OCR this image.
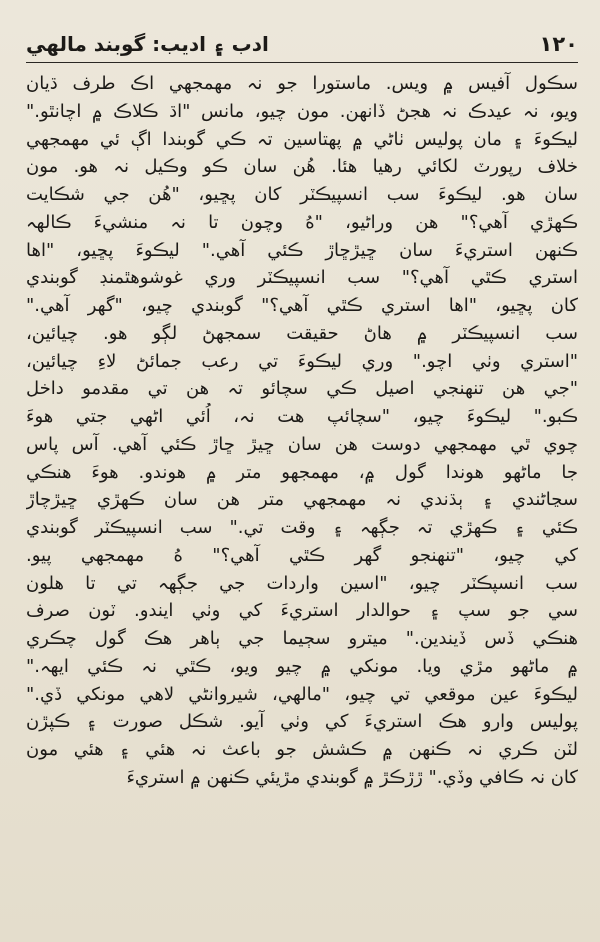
١٢٠
ادب ۽ اديب: گوبند مالهي
سڪول آفيس ۾ ويس. ماستورا جو نہ مهمجهي اڪ طرف ڌيان
ويو، نہ عيدڪ نہ هجڻ ڏانهن. مون چيو، مانس "اڌ ڪلاڪ ۾ اچانٿو."
ليڪوءَ ۽ مان پوليس ٺاڻي ۾ پهتاسين تہ ڪي گوبندا اڳ ئي مهمجهي
خلاف رپورٽ لکائي رهيا هئا. هُن سان ڪو وڪيل نہ هو. مون
سان هو. ليڪوءَ سب انسپيڪٽر کان پڇيو، "هُن جي شڪايت
ڪهڙي آهي؟" هن وراڻيو، "هُ وچون تا نہ منشيءَ ڪالهہ
ڪنهن استريءَ سان ڇيڙڇاڙ ڪئي آهي." ليڪوءَ پڇيو، "اها
استري ڪٿي آهي؟" سب انسپيڪٽر وري غوشوهٿمنڊ گوبندي
کان پڇيو، "اها استري ڪٿي آهي؟" گوبندي چيو، "گهر آهي."
سب انسپيڪٽر ۾ هاڻ حقيقت سمجهڻ لڳو هو. چيائين،
"استري وٺي اچو." وري ليڪوءَ تي رعب جمائڻ لاءِ چيائين،
"جي هن تنهنجي اصيل ڪي سچائو تہ هن تي مقدمو داخل
ڪبو." ليڪوءَ چيو، "سچائپ هت نہ، اُئي اڻهي جتي هوءَ
چوي ٿي مهمجهي دوست هن سان ڇيڙ ڇاڙ ڪئي آهي. آس پاس
جا ماڻهو هوندا گول ۾، مهمجهو متر ۾ هوندو. هوءَ هنڪي
سڃاڻندي ۽ ٻڌندي نہ مهمجهي متر هن سان ڪهڙي ڇيڙچاڙ
ڪئي ۽ ڪهڙي تہ جڳهہ ۽ وقت تي." سب انسپيڪٽر گوبندي
کي چيو، "تنهنجو گهر ڪٿي آهي؟" هُ مهمجهي پيو.
سب انسپڪٽر چيو، "اسين واردات جي جڳهہ تي تا هلون
سي جو سپ ۽ حوالدار استريءَ کي وٺي ايندو. ٽون صرف
هنڪي ڏس ڏيندين." ميترو سڄيما جي ٻاهر هڪ گول چڪري
۾ ماڻهو مڙي ويا. مونکي ۾ چيو ويو، ڪٿي نہ ڪئي ايهہ."
ليڪوءَ عين موقعي تي چيو، "مالهي، شيروانڻي لاهي مونکي ڏي."
پوليس وارو هڪ استريءَ کي وٺي آيو. شڪل صورت ۽ ڪپڙن
لٽن ڪري نہ ڪنهن ۾ ڪشش جو باعث نہ هئي ۽ هئي مون
کان نہ ڪافي وڏي." ڙڙڪڙ ۾ گوبندي مڙيئي ڪنهن ۾ استريءَ
